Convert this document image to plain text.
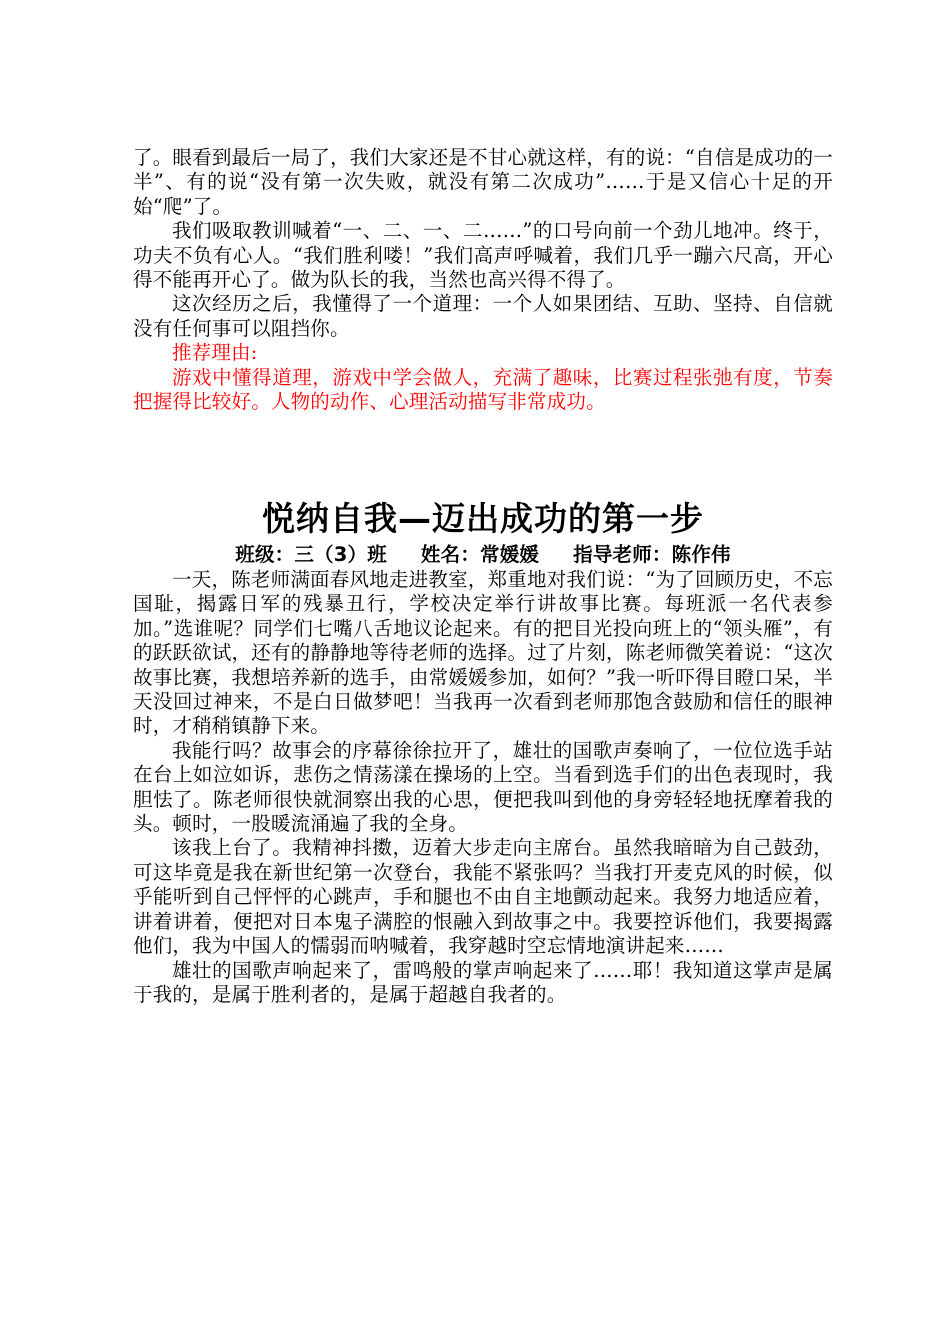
了。眼看到最后一局了，我们大家还是不甘心就这样，有的说：“自信是成功的一半”、有的说“没有第一次失败，就没有第二次成功”……于是又信心十足的开始“爬”了。

我们吸取教训喊着“一、二、一、二……”的口号向前一个劲儿地冲。终于，功夫不负有心人。“我们胜利喽！”我们高声呼喊着，我们几乎一蹦六尺高，开心得不能再开心了。做为队长的我，当然也高兴得不得了。

这次经历之后，我懂得了一个道理：一个人如果团结、互助、坚持、自信就没有任何事可以阻挡你。

推荐理由:

游戏中懂得道理，游戏中学会做人，充满了趣味，比赛过程张弛有度，节奏把握得比较好。人物的动作、心理活动描写非常成功。

悦纳自我—迈出成功的第一步

班级：三（3）班 姓名：常媛媛 指导老师：陈作伟

一天，陈老师满面春风地走进教室，郑重地对我们说：“为了回顾历史，不忘国耻，揭露日军的残暴丑行，学校决定举行讲故事比赛。每班派一名代表参加。”选谁呢？同学们七嘴八舌地议论起来。有的把目光投向班上的“领头雁”，有的跃跃欲试，还有的静静地等待老师的选择。过了片刻，陈老师微笑着说：“这次故事比赛，我想培养新的选手，由常媛媛参加，如何？”我一听吓得目瞪口呆，半天没回过神来，不是白日做梦吧！当我再一次看到老师那饱含鼓励和信任的眼神时，才稍稍镇静下来。

我能行吗？故事会的序幕徐徐拉开了，雄壮的国歌声奏响了，一位位选手站在台上如泣如诉，悲伤之情荡漾在操场的上空。当看到选手们的出色表现时，我胆怯了。陈老师很快就洞察出我的心思，便把我叫到他的身旁轻轻地抚摩着我的头。顿时，一股暖流涌遍了我的全身。

该我上台了。我精神抖擞，迈着大步走向主席台。虽然我暗暗为自己鼓劲，可这毕竟是我在新世纪第一次登台，我能不紧张吗？当我打开麦克风的时候，似乎能听到自己怦怦的心跳声，手和腿也不由自主地颤动起来。我努力地适应着，讲着讲着，便把对日本鬼子满腔的恨融入到故事之中。我要控诉他们，我要揭露他们，我为中国人的懦弱而呐喊着，我穿越时空忘情地演讲起来……

雄壮的国歌声响起来了，雷鸣般的掌声响起来了……耶！我知道这掌声是属于我的，是属于胜利者的，是属于超越自我者的。
